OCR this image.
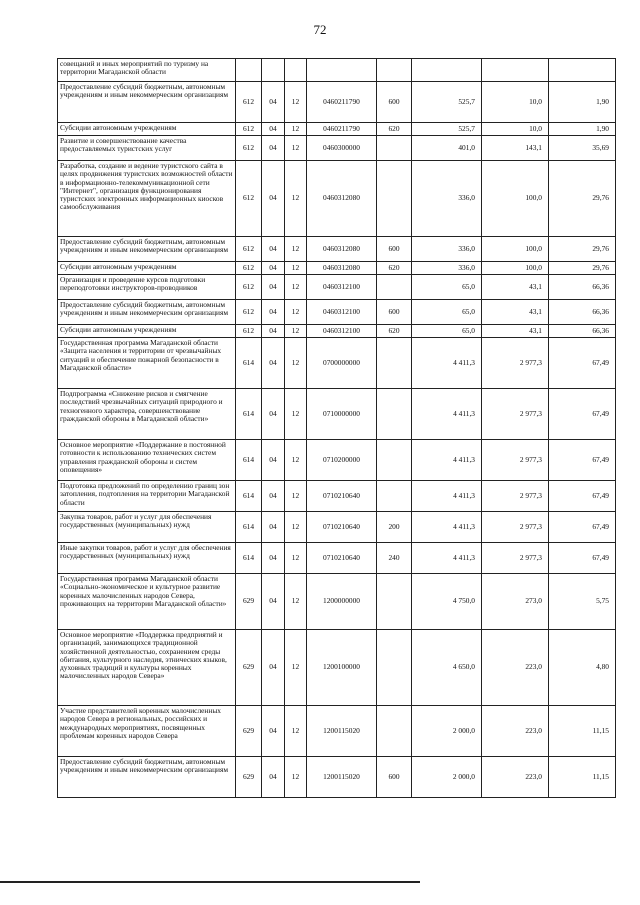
72
совещаний и иных мероприятий по туризму на территории Магаданской области								
Предоставление субсидий бюджетным, автономным учреждениям и иным некоммерческим организациям	612	04	12	0460211790	600	525,7	10,0	1,90
Субсидии автономным учреждениям	612	04	12	0460211790	620	525,7	10,0	1,90
Развитие и совершенствование качества предоставляемых туристских услуг	612	04	12	0460300000		401,0	143,1	35,69
Разработка, создание и ведение туристского сайта в целях продвижения туристских возможностей области в информационно-телекоммуникационной сети "Интернет", организация функционирования туристских электронных информационных киосков самообслуживания	612	04	12	0460312080		336,0	100,0	29,76
Предоставление субсидий бюджетным, автономным учреждениям и иным некоммерческим организациям	612	04	12	0460312080	600	336,0	100,0	29,76
Субсидии автономным учреждениям	612	04	12	0460312080	620	336,0	100,0	29,76
Организация и проведение курсов подготовки переподготовки инструкторов-проводников	612	04	12	0460312100		65,0	43,1	66,36
Предоставление субсидий бюджетным, автономным учреждениям и иным некоммерческим организациям	612	04	12	0460312100	600	65,0	43,1	66,36
Субсидии автономным учреждениям	612	04	12	0460312100	620	65,0	43,1	66,36
Государственная программа Магаданской области «Защита населения и территории от чрезвычайных ситуаций и обеспечение пожарной безопасности в Магаданской области»	614	04	12	0700000000		4 411,3	2 977,3	67,49
Подпрограмма «Снижение рисков и смягчение последствий чрезвычайных ситуаций природного и техногенного характера, совершенствование гражданской обороны в Магаданской области»	614	04	12	0710000000		4 411,3	2 977,3	67,49
Основное мероприятие «Поддержание в постоянной готовности к использованию технических систем управления гражданской обороны и систем оповещения»	614	04	12	0710200000		4 411,3	2 977,3	67,49
Подготовка предложений по определению границ зон затопления, подтопления на территории Магаданской области	614	04	12	0710210640		4 411,3	2 977,3	67,49
Закупка товаров, работ и услуг для обеспечения государственных (муниципальных) нужд	614	04	12	0710210640	200	4 411,3	2 977,3	67,49
Иные закупки товаров, работ и услуг для обеспечения государственных (муниципальных) нужд	614	04	12	0710210640	240	4 411,3	2 977,3	67,49
Государственная программа Магаданской области «Социально-экономическое и культурное развитие коренных малочисленных народов Севера, проживающих на территории Магаданской области»	629	04	12	1200000000		4 750,0	273,0	5,75
Основное мероприятие «Поддержка предприятий и организаций, занимающихся традиционной хозяйственной деятельностью, сохранением среды обитания, культурного наследия, этнических языков, духовных традиций и культуры коренных малочисленных народов Севера»	629	04	12	1200100000		4 650,0	223,0	4,80
Участие представителей коренных малочисленных народов Севера в региональных, российских и международных мероприятиях, посвященных проблемам коренных народов Севера	629	04	12	1200115020		2 000,0	223,0	11,15
Предоставление субсидий бюджетным, автономным учреждениям и иным некоммерческим организациям	629	04	12	1200115020	600	2 000,0	223,0	11,15
